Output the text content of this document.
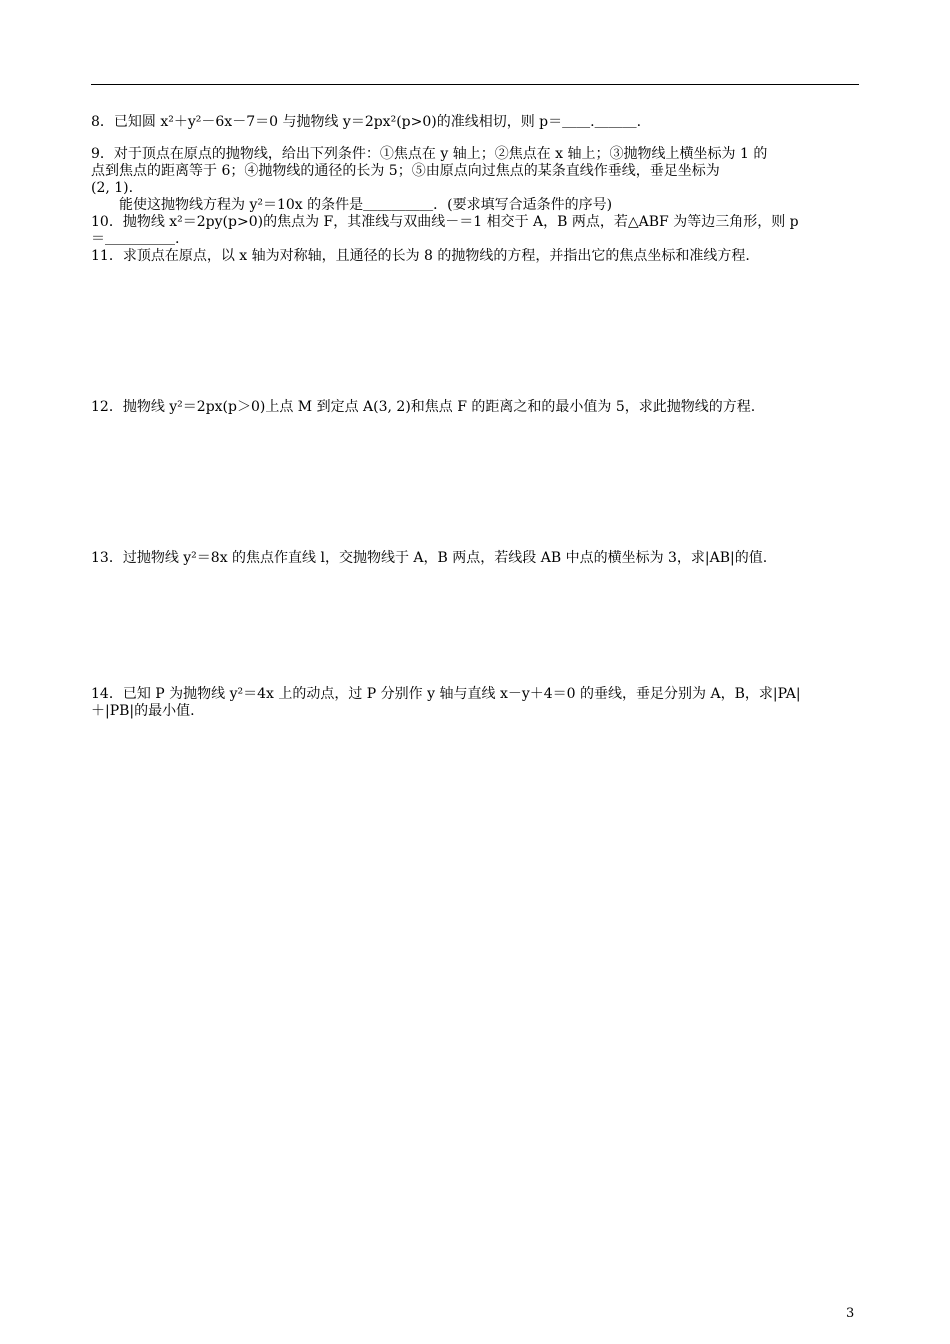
8．已知圆 x²＋y²－6x－7＝0 与抛物线 y＝2px²(p>0)的准线相切，则 p＝＿＿.＿＿＿.
9．对于顶点在原点的抛物线，给出下列条件：①焦点在 y 轴上；②焦点在 x 轴上；③抛物线上横坐标为 1 的
点到焦点的距离等于 6；④抛物线的通径的长为 5；⑤由原点向过焦点的某条直线作垂线，垂足坐标为
(2, 1).
　　能使这抛物线方程为 y²＝10x 的条件是＿＿＿＿＿．(要求填写合适条件的序号)
10．抛物线 x²＝2py(p>0)的焦点为 F，其准线与双曲线－＝1 相交于 A，B 两点，若△ABF 为等边三角形，则 p
＝＿＿＿＿＿.
11．求顶点在原点，以 x 轴为对称轴，且通径的长为 8 的抛物线的方程，并指出它的焦点坐标和准线方程.
12．抛物线 y²＝2px(p＞0)上点 M 到定点 A(3, 2)和焦点 F 的距离之和的最小值为 5，求此抛物线的方程.
13．过抛物线 y²＝8x 的焦点作直线 l，交抛物线于 A，B 两点，若线段 AB 中点的横坐标为 3，求|AB|的值.
14．已知 P 为抛物线 y²＝4x 上的动点，过 P 分别作 y 轴与直线 x－y＋4＝0 的垂线，垂足分别为 A，B，求|PA|
＋|PB|的最小值.
3
